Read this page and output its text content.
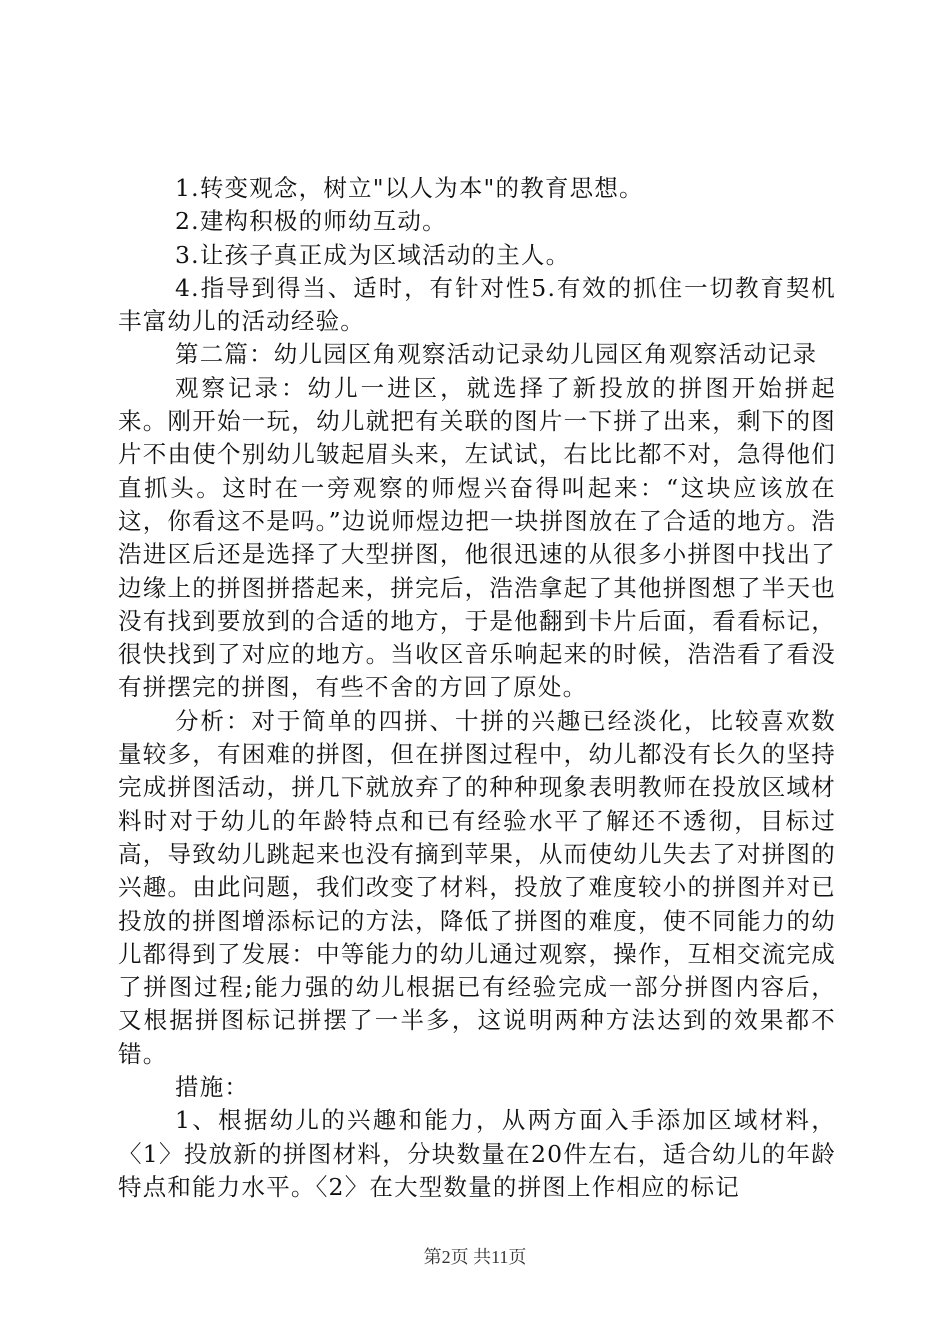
1.转变观念，树立"以人为本"的教育思想。

2.建构积极的师幼互动。

3.让孩子真正成为区域活动的主人。

4.指导到得当、适时，有针对性5.有效的抓住一切教育契机丰富幼儿的活动经验。

第二篇：幼儿园区角观察活动记录幼儿园区角观察活动记录

观察记录：幼儿一进区，就选择了新投放的拼图开始拼起来。刚开始一玩，幼儿就把有关联的图片一下拼了出来，剩下的图片不由使个别幼儿皱起眉头来，左试试，右比比都不对，急得他们直抓头。这时在一旁观察的师煜兴奋得叫起来：“这块应该放在这，你看这不是吗。”边说师煜边把一块拼图放在了合适的地方。浩浩进区后还是选择了大型拼图，他很迅速的从很多小拼图中找出了边缘上的拼图拼搭起来，拼完后，浩浩拿起了其他拼图想了半天也没有找到要放到的合适的地方，于是他翻到卡片后面，看看标记，很快找到了对应的地方。当收区音乐响起来的时候，浩浩看了看没有拼摆完的拼图，有些不舍的方回了原处。

分析：对于简单的四拼、十拼的兴趣已经淡化，比较喜欢数量较多，有困难的拼图，但在拼图过程中，幼儿都没有长久的坚持完成拼图活动，拼几下就放弃了的种种现象表明教师在投放区域材料时对于幼儿的年龄特点和已有经验水平了解还不透彻，目标过高，导致幼儿跳起来也没有摘到苹果，从而使幼儿失去了对拼图的兴趣。由此问题，我们改变了材料，投放了难度较小的拼图并对已投放的拼图增添标记的方法，降低了拼图的难度，使不同能力的幼儿都得到了发展：中等能力的幼儿通过观察，操作，互相交流完成了拼图过程;能力强的幼儿根据已有经验完成一部分拼图内容后，又根据拼图标记拼摆了一半多，这说明两种方法达到的效果都不错。

措施：

1、根据幼儿的兴趣和能力，从两方面入手添加区域材料，〈1〉投放新的拼图材料，分块数量在20件左右，适合幼儿的年龄特点和能力水平。〈2〉在大型数量的拼图上作相应的标记

第2页 共11页
